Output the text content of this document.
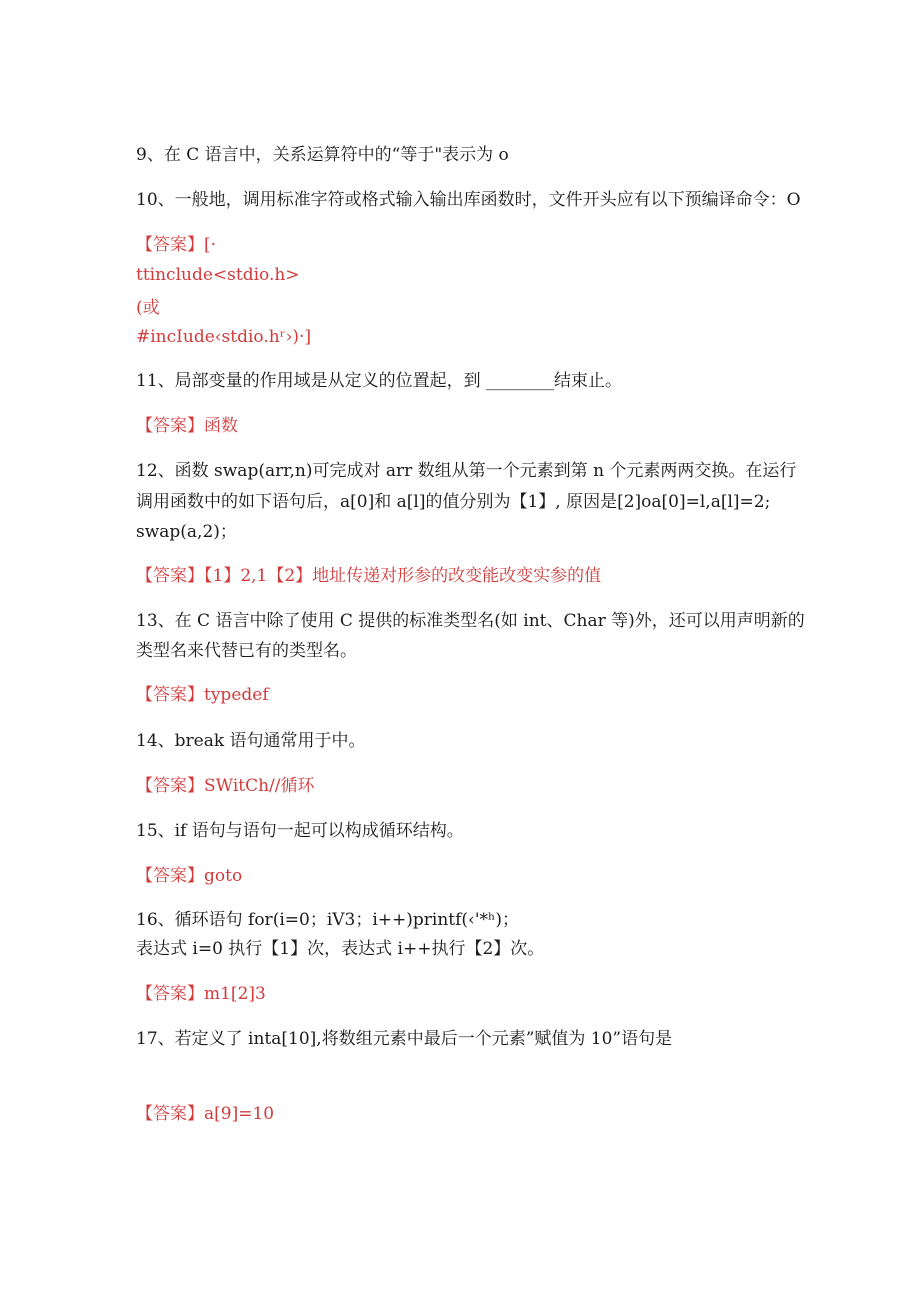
9、在 C 语言中，关系运算符中的“等于"表示为 o
10、一般地，调用标准字符或格式输入输出库函数时，文件开头应有以下预编译命令：O
【答案】[·
ttinclude<stdio.h>
(或
#incIude‹stdio.hʳ›)·]
11、局部变量的作用域是从定义的位置起，到 ________结束止。
【答案】函数
12、函数 swap(arr,n)可完成对 arr 数组从第一个元素到第 n 个元素两两交换。在运行
调用函数中的如下语句后，a[0]和 a[l]的值分别为【1】, 原因是[2]oa[0]=l,a[l]=2;
swap(a,2)；
【答案】【1】2,1【2】地址传递对形参的改变能改变实参的值
13、在 C 语言中除了使用 C 提供的标准类型名(如 int、Char 等)外，还可以用声明新的
类型名来代替已有的类型名。
【答案】typedef
14、break 语句通常用于中。
【答案】SWitCh//循环
15、if 语句与语句一起可以构成循环结构。
【答案】goto
16、循环语句 for(i=0；iV3；i++)printf(‹'*ʰ)；
表达式 i=0 执行【1】次，表达式 i++执行【2】次。
【答案】m1[2]3
17、若定义了 inta[10],将数组元素中最后一个元素”赋值为 10”语句是
【答案】a[9]=10
